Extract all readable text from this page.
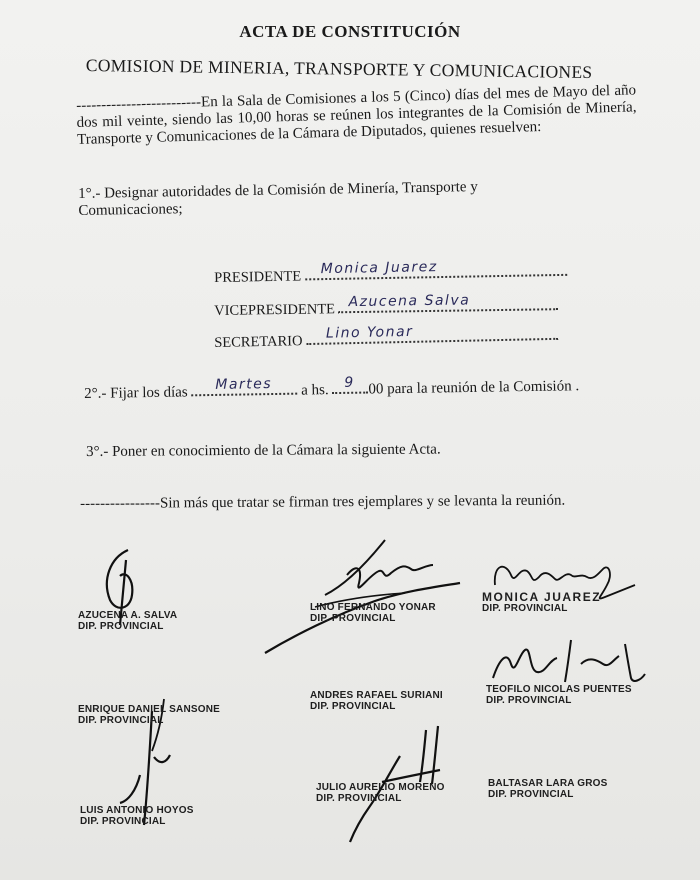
ACTA DE CONSTITUCIÓN
COMISION DE MINERIA, TRANSPORTE Y COMUNICACIONES
-------------------------En la Sala de Comisiones a los 5 (Cinco) días del mes de Mayo del año dos mil veinte, siendo las 10,00 horas se reúnen los integrantes de la Comisión de Minería, Transporte y Comunicaciones de la Cámara de Diputados, quienes resuelven:
1°.- Designar autoridades de la Comisión de Minería, Transporte y Comunicaciones;
PRESIDENTE
Monica Juarez
VICEPRESIDENTE
Azucena Salva
SECRETARIO
Lino Yonar
2°.- Fijar los días Martes a hs. 9 00 para la reunión de la Comisión .
3°.- Poner en conocimiento de la Cámara la siguiente Acta.
----------------Sin más que tratar se firman tres ejemplares y se levanta la reunión.
AZUCENA A. SALVA
DIP. PROVINCIAL
LINO FERNANDO YONAR
DIP. PROVINCIAL
MONICA JUAREZ
DIP. PROVINCIAL
ENRIQUE DANIEL SANSONE
DIP. PROVINCIAL
ANDRES RAFAEL SURIANI
DIP. PROVINCIAL
TEOFILO NICOLAS PUENTES
DIP. PROVINCIAL
LUIS ANTONIO HOYOS
DIP. PROVINCIAL
JULIO AURELIO MORENO
DIP. PROVINCIAL
BALTASAR LARA GROS
DIP. PROVINCIAL
